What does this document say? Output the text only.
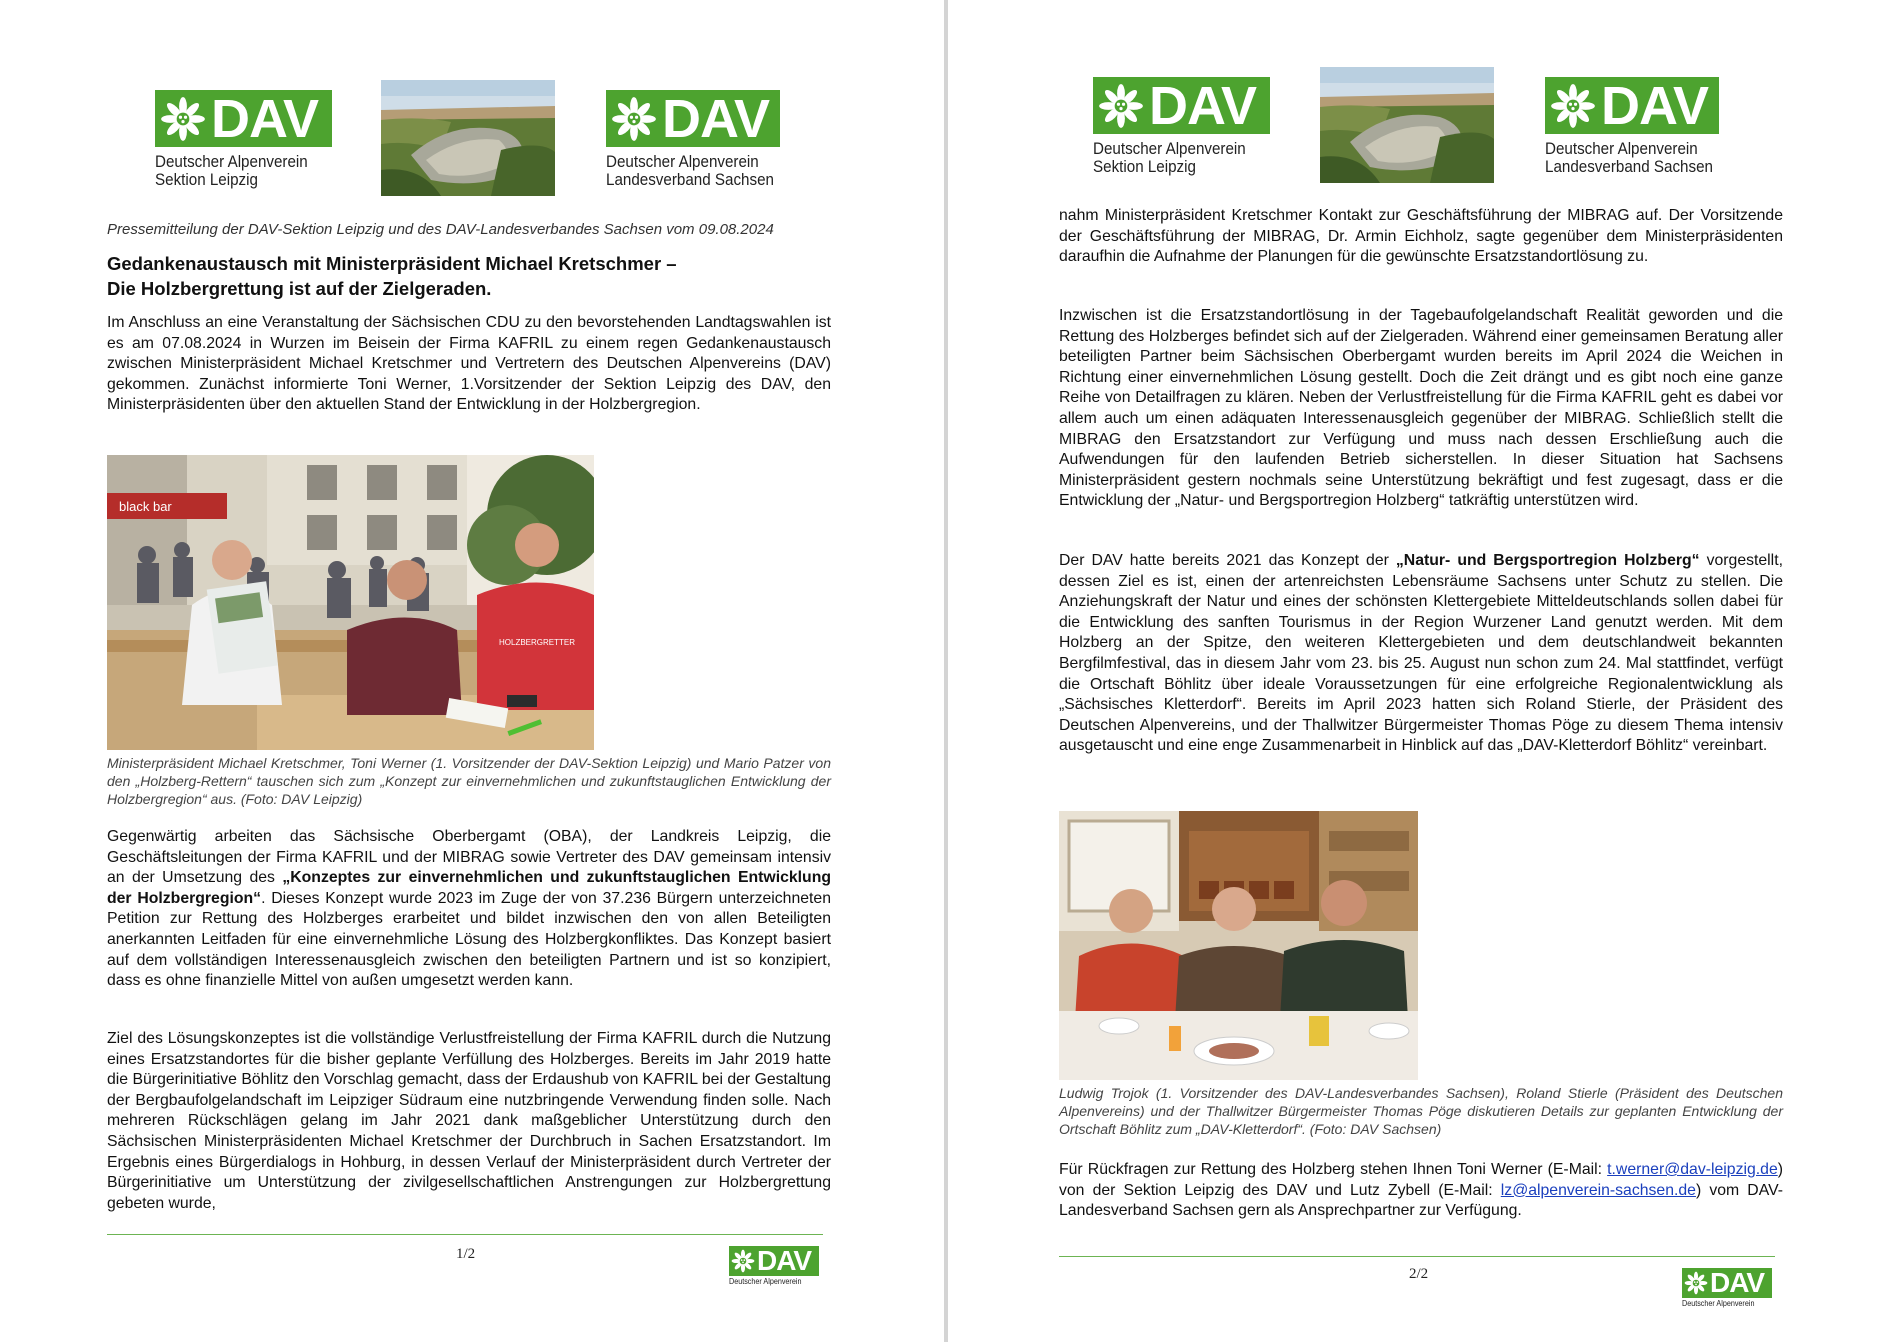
DAV
Deutscher Alpenverein
Sektion Leipzig
DAV
Deutscher Alpenverein
Landesverband Sachsen
Pressemitteilung der DAV-Sektion Leipzig und des DAV-Landesverbandes Sachsen vom 09.08.2024
Gedankenaustausch mit Ministerpräsident Michael Kretschmer –
Die Holzbergrettung ist auf der Zielgeraden.

Im Anschluss an eine Veranstaltung der Sächsischen CDU zu den bevorstehenden Landtagswahlen ist es am 07.08.2024 in Wurzen im Beisein der Firma KAFRIL zu einem regen Gedankenaustausch zwischen Ministerpräsident Michael Kretschmer und Vertretern des Deutschen Alpenvereins (DAV) gekommen. Zunächst informierte Toni Werner, 1.Vorsitzender der Sektion Leipzig des DAV, den Ministerpräsidenten über den aktuellen Stand der Entwicklung in der Holzbergregion.

black bar
HOLZBERGRETTER
Ministerpräsident Michael Kretschmer, Toni Werner (1. Vorsitzender der DAV-Sektion Leipzig) und Mario Patzer von den „Holzberg-Rettern“ tauschen sich zum „Konzept zur einvernehmlichen und zukunftstauglichen Entwicklung der Holzbergregion“ aus. (Foto: DAV Leipzig)

Gegenwärtig arbeiten das Sächsische Oberbergamt (OBA), der Landkreis Leipzig, die Geschäftsleitungen der Firma KAFRIL und der MIBRAG sowie Vertreter des DAV gemeinsam intensiv an der Umsetzung des „Konzeptes zur einvernehmlichen und zukunftstauglichen Entwicklung der Holzbergregion“. Dieses Konzept wurde 2023 im Zuge der von 37.236 Bürgern unterzeichneten Petition zur Rettung des Holzberges erarbeitet und bildet inzwischen den von allen Beteiligten anerkannten Leitfaden für eine einvernehmliche Lösung des Holzbergkonfliktes. Das Konzept basiert auf dem vollständigen Interessenausgleich zwischen den beteiligten Partnern und ist so konzipiert, dass es ohne finanzielle Mittel von außen umgesetzt werden kann.

Ziel des Lösungskonzeptes ist die vollständige Verlustfreistellung der Firma KAFRIL durch die Nutzung eines Ersatzstandortes für die bisher geplante Verfüllung des Holzberges. Bereits im Jahr 2019 hatte die Bürgerinitiative Böhlitz den Vorschlag gemacht, dass der Erdaushub von KAFRIL bei der Gestaltung der Bergbaufolgelandschaft im Leipziger Südraum eine nutzbringende Verwendung finden solle. Nach mehreren Rückschlägen gelang im Jahr 2021 dank maßgeblicher Unterstützung durch den Sächsischen Ministerpräsidenten Michael Kretschmer der Durchbruch in Sachen Ersatzstandort. Im Ergebnis eines Bürgerdialogs in Hohburg, in dessen Verlauf der Ministerpräsident durch Vertreter der Bürgerinitiative um Unterstützung der zivilgesellschaftlichen Anstrengungen zur Holzbergrettung gebeten wurde,

1/2	DAV
Deutscher Alpenverein
DAV
Deutscher Alpenverein
Sektion Leipzig
DAV
Deutscher Alpenverein
Landesverband Sachsen

nahm Ministerpräsident Kretschmer Kontakt zur Geschäftsführung der MIBRAG auf. Der Vorsitzende der Geschäftsführung der MIBRAG, Dr. Armin Eichholz, sagte gegenüber dem Ministerpräsidenten daraufhin die Aufnahme der Planungen für die gewünschte Ersatzstandortlösung zu.

Inzwischen ist die Ersatzstandortlösung in der Tagebaufolgelandschaft Realität geworden und die Rettung des Holzberges befindet sich auf der Zielgeraden. Während einer gemeinsamen Beratung aller beteiligten Partner beim Sächsischen Oberbergamt wurden bereits im April 2024 die Weichen in Richtung einer einvernehmlichen Lösung gestellt. Doch die Zeit drängt und es gibt noch eine ganze Reihe von Detailfragen zu klären. Neben der Verlustfreistellung für die Firma KAFRIL geht es dabei vor allem auch um einen adäquaten Interessenausgleich gegenüber der MIBRAG. Schließlich stellt die MIBRAG den Ersatzstandort zur Verfügung und muss nach dessen Erschließung auch die Aufwendungen für den laufenden Betrieb sicherstellen. In dieser Situation hat Sachsens Ministerpräsident gestern nochmals seine Unterstützung bekräftigt und fest zugesagt, dass er die Entwicklung der „Natur- und Bergsportregion Holzberg“ tatkräftig unterstützen wird.

Der DAV hatte bereits 2021 das Konzept der „Natur- und Bergsportregion Holzberg“ vorgestellt, dessen Ziel es ist, einen der artenreichsten Lebensräume Sachsens unter Schutz zu stellen. Die Anziehungskraft der Natur und eines der schönsten Klettergebiete Mitteldeutschlands sollen dabei für die Entwicklung des sanften Tourismus in der Region Wurzener Land genutzt werden. Mit dem Holzberg an der Spitze, den weiteren Klettergebieten und dem deutschlandweit bekannten Bergfilmfestival, das in diesem Jahr vom 23. bis 25. August nun schon zum 24. Mal stattfindet, verfügt die Ortschaft Böhlitz über ideale Voraussetzungen für eine erfolgreiche Regionalentwicklung als „Sächsisches Kletterdorf“. Bereits im April 2023 hatten sich Roland Stierle, der Präsident des Deutschen Alpenvereins, und der Thallwitzer Bürgermeister Thomas Pöge zu diesem Thema intensiv ausgetauscht und eine enge Zusammenarbeit in Hinblick auf das „DAV-Kletterdorf Böhlitz“ vereinbart.

Ludwig Trojok (1. Vorsitzender des DAV-Landesverbandes Sachsen), Roland Stierle (Präsident des Deutschen Alpenvereins) und der Thallwitzer Bürgermeister Thomas Pöge diskutieren Details zur geplanten Entwicklung der Ortschaft Böhlitz zum „DAV-Kletterdorf“. (Foto: DAV Sachsen)

Für Rückfragen zur Rettung des Holzberg stehen Ihnen Toni Werner (E-Mail: t.werner@dav-leipzig.de) von der Sektion Leipzig des DAV und Lutz Zybell (E-Mail: lz@alpenverein-sachsen.de) vom DAV-Landesverband Sachsen gern als Ansprechpartner zur Verfügung.

2/2	DAV
Deutscher Alpenverein
